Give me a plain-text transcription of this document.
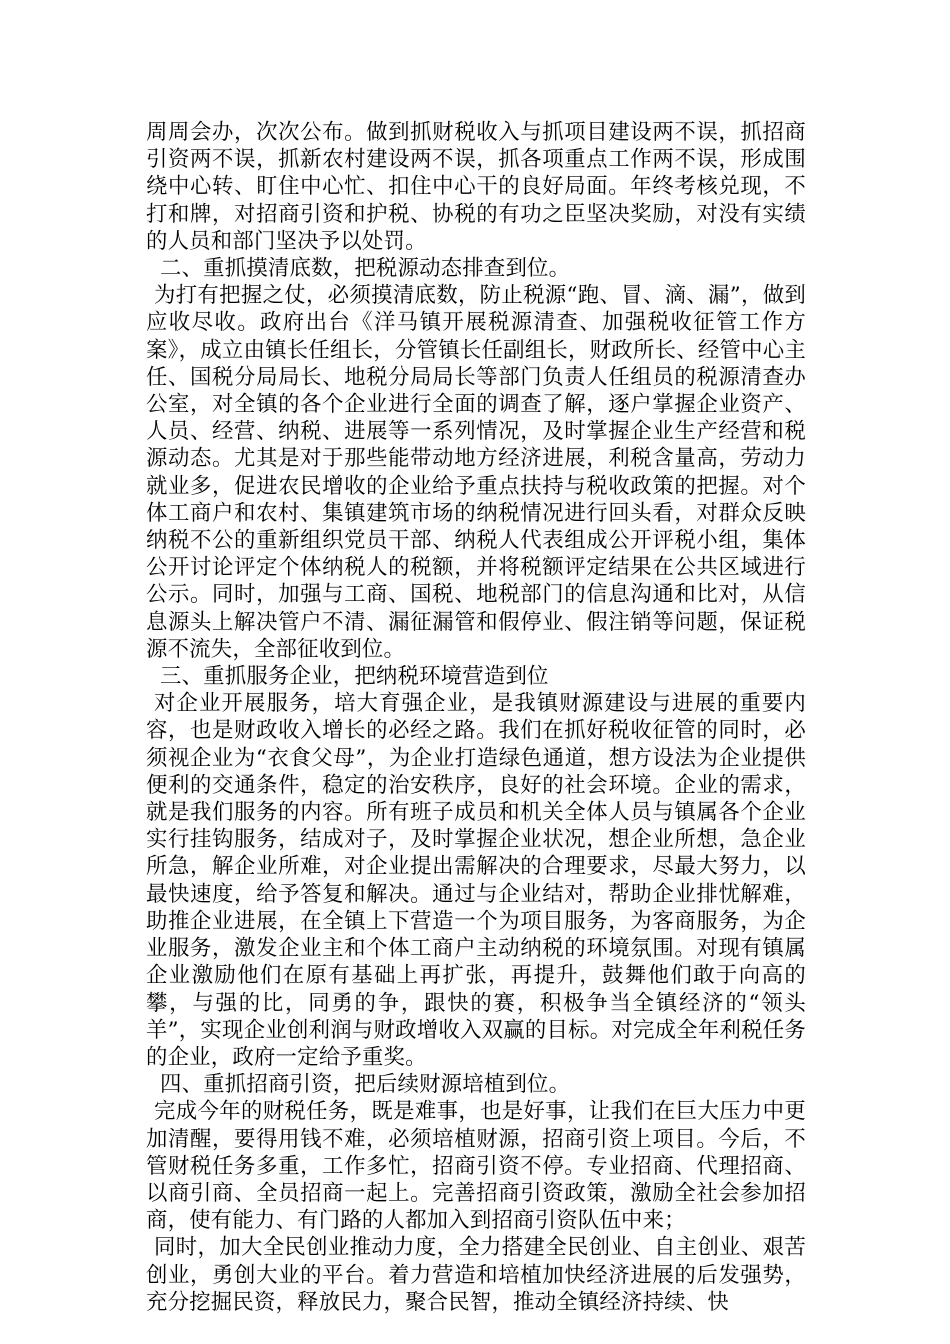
周周会办，次次公布。做到抓财税收入与抓项目建设两不误，抓招商引资两不误，抓新农村建设两不误，抓各项重点工作两不误，形成围绕中心转、盯住中心忙、扣住中心干的良好局面。年终考核兑现，不打和牌，对招商引资和护税、协税的有功之臣坚决奖励，对没有实绩的人员和部门坚决予以处罚。

二、重抓摸清底数，把税源动态排查到位。

为打有把握之仗，必须摸清底数，防止税源“跑、冒、滴、漏”，做到应收尽收。政府出台《洋马镇开展税源清查、加强税收征管工作方案》，成立由镇长任组长，分管镇长任副组长，财政所长、经管中心主任、国税分局局长、地税分局局长等部门负责人任组员的税源清查办公室，对全镇的各个企业进行全面的调查了解，逐户掌握企业资产、人员、经营、纳税、进展等一系列情况，及时掌握企业生产经营和税源动态。尤其是对于那些能带动地方经济进展，利税含量高，劳动力就业多，促进农民增收的企业给予重点扶持与税收政策的把握。对个体工商户和农村、集镇建筑市场的纳税情况进行回头看，对群众反映纳税不公的重新组织党员干部、纳税人代表组成公开评税小组，集体公开讨论评定个体纳税人的税额，并将税额评定结果在公共区域进行公示。同时，加强与工商、国税、地税部门的信息沟通和比对，从信息源头上解决管户不清、漏征漏管和假停业、假注销等问题，保证税源不流失，全部征收到位。

三、重抓服务企业，把纳税环境营造到位

对企业开展服务，培大育强企业，是我镇财源建设与进展的重要内容，也是财政收入增长的必经之路。我们在抓好税收征管的同时，必须视企业为“衣食父母”，为企业打造绿色通道，想方设法为企业提供便利的交通条件，稳定的治安秩序，良好的社会环境。企业的需求，就是我们服务的内容。所有班子成员和机关全体人员与镇属各个企业实行挂钩服务，结成对子，及时掌握企业状况，想企业所想，急企业所急，解企业所难，对企业提出需解决的合理要求，尽最大努力，以最快速度，给予答复和解决。通过与企业结对，帮助企业排忧解难，助推企业进展，在全镇上下营造一个为项目服务，为客商服务，为企业服务，激发企业主和个体工商户主动纳税的环境氛围。对现有镇属企业激励他们在原有基础上再扩张，再提升，鼓舞他们敢于向高的攀，与强的比，同勇的争，跟快的赛，积极争当全镇经济的“领头羊”，实现企业创利润与财政增收入双赢的目标。对完成全年利税任务的企业，政府一定给予重奖。

四、重抓招商引资，把后续财源培植到位。

完成今年的财税任务，既是难事，也是好事，让我们在巨大压力中更加清醒，要得用钱不难，必须培植财源，招商引资上项目。今后，不管财税任务多重，工作多忙，招商引资不停。专业招商、代理招商、以商引商、全员招商一起上。完善招商引资政策，激励全社会参加招商，使有能力、有门路的人都加入到招商引资队伍中来；

同时，加大全民创业推动力度，全力搭建全民创业、自主创业、艰苦创业，勇创大业的平台。着力营造和培植加快经济进展的后发强势，充分挖掘民资，释放民力，聚合民智，推动全镇经济持续、快
